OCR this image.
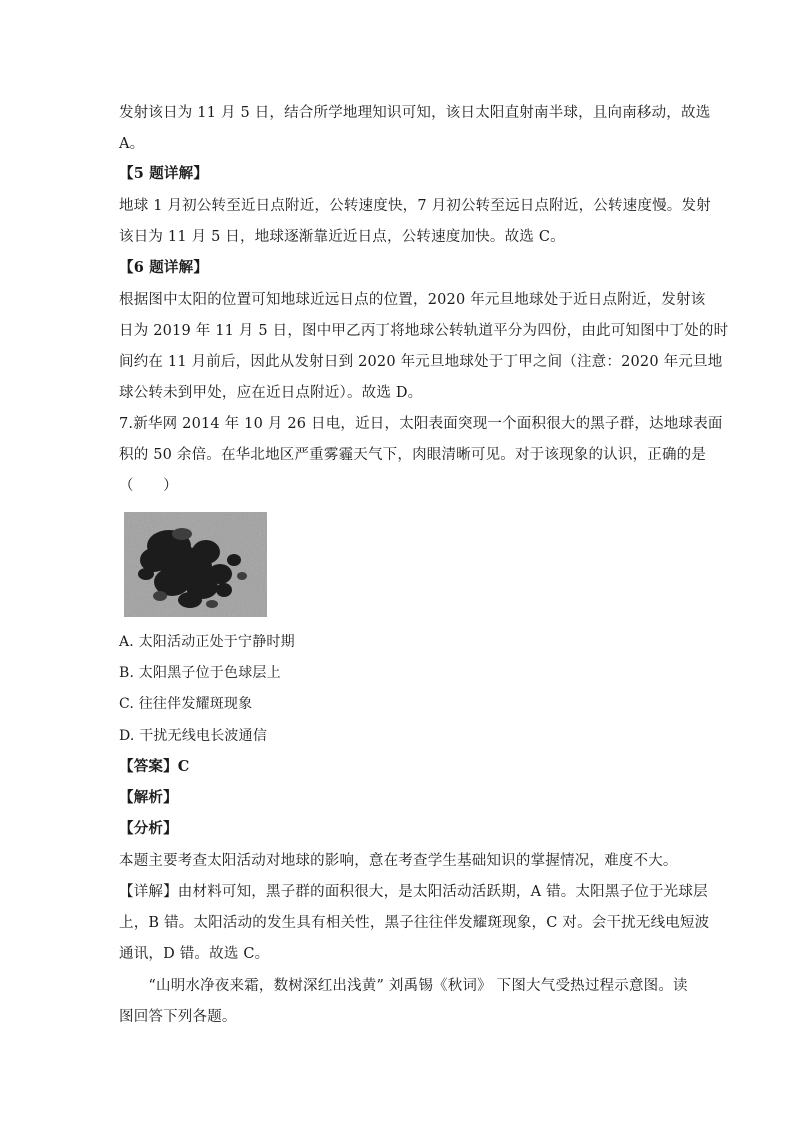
发射该日为 11 月 5 日，结合所学地理知识可知，该日太阳直射南半球，且向南移动，故选
A。
【5 题详解】
地球 1 月初公转至近日点附近，公转速度快，7 月初公转至远日点附近，公转速度慢。发射
该日为 11 月 5 日，地球逐渐靠近近日点，公转速度加快。故选 C。
【6 题详解】
根据图中太阳的位置可知地球近远日点的位置，2020 年元旦地球处于近日点附近，发射该
日为 2019 年 11 月 5 日，图中甲乙丙丁将地球公转轨道平分为四份，由此可知图中丁处的时
间约在 11 月前后，因此从发射日到 2020 年元旦地球处于丁甲之间（注意：2020 年元旦地
球公转未到甲处，应在近日点附近）。故选 D。
7.新华网 2014 年 10 月 26 日电，近日，太阳表面突现一个面积很大的黑子群，达地球表面
积的 50 余倍。在华北地区严重雾霾天气下，肉眼清晰可见。对于该现象的认识，正确的是
（　　）
A. 太阳活动正处于宁静时期
B. 太阳黑子位于色球层上
C. 往往伴发耀斑现象
D. 干扰无线电长波通信
【答案】C
【解析】
【分析】
本题主要考查太阳活动对地球的影响，意在考查学生基础知识的掌握情况，难度不大。
【详解】由材料可知，黑子群的面积很大，是太阳活动活跃期，A 错。太阳黑子位于光球层
上，B 错。太阳活动的发生具有相关性，黑子往往伴发耀斑现象，C 对。会干扰无线电短波
通讯，D 错。故选 C。
　　“山明水净夜来霜，数树深红出浅黄” 刘禹锡《秋词》 下图大气受热过程示意图。读
图回答下列各题。
